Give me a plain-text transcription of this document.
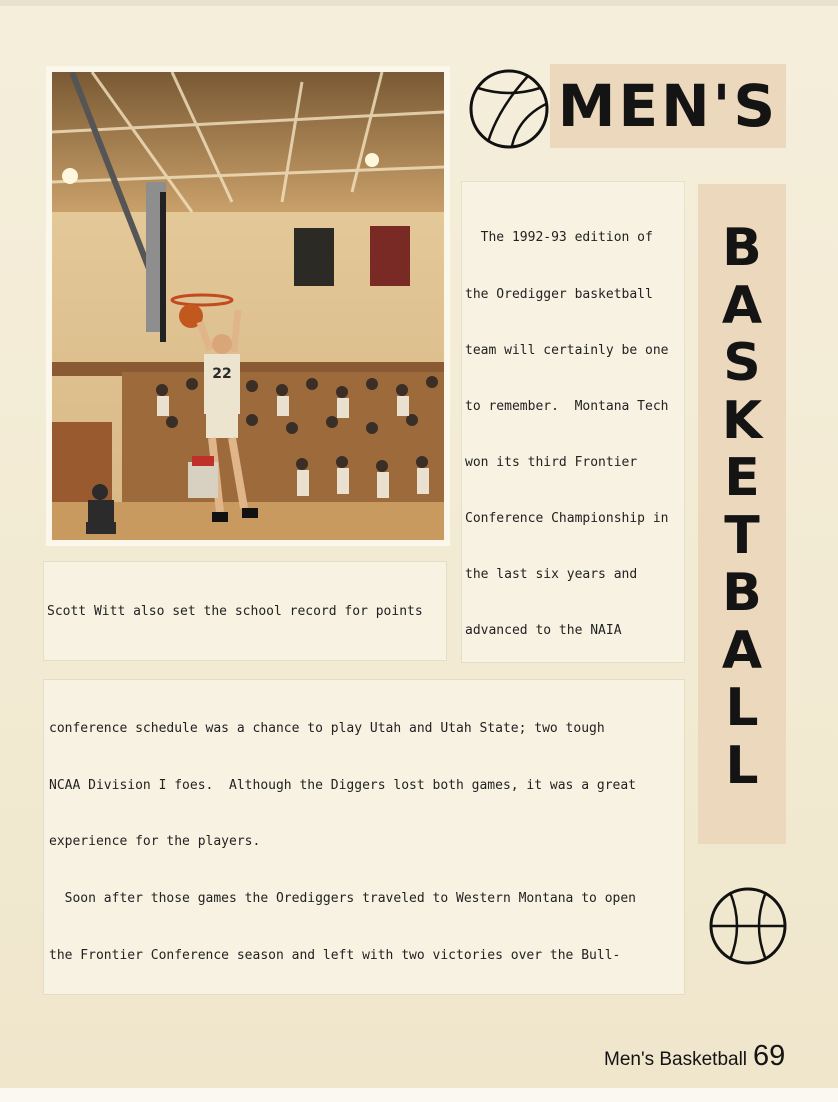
22
MEN'S
B
A
S
K
E
T
B
A
L
L

The 1992-93 edition of

the Oredigger basketball

team will certainly be one

to remember.  Montana Tech

won its third Frontier

Conference Championship in

the last six years and

advanced to the NAIA

Scott Witt also set the school record for points

conference schedule was a chance to play Utah and Utah State; two tough

NCAA Division I foes.  Although the Diggers lost both games, it was a great

experience for the players.

Soon after those games the Orediggers traveled to Western Montana to open

the Frontier Conference season and left with two victories over the Bull-

Men's Basketball 69
